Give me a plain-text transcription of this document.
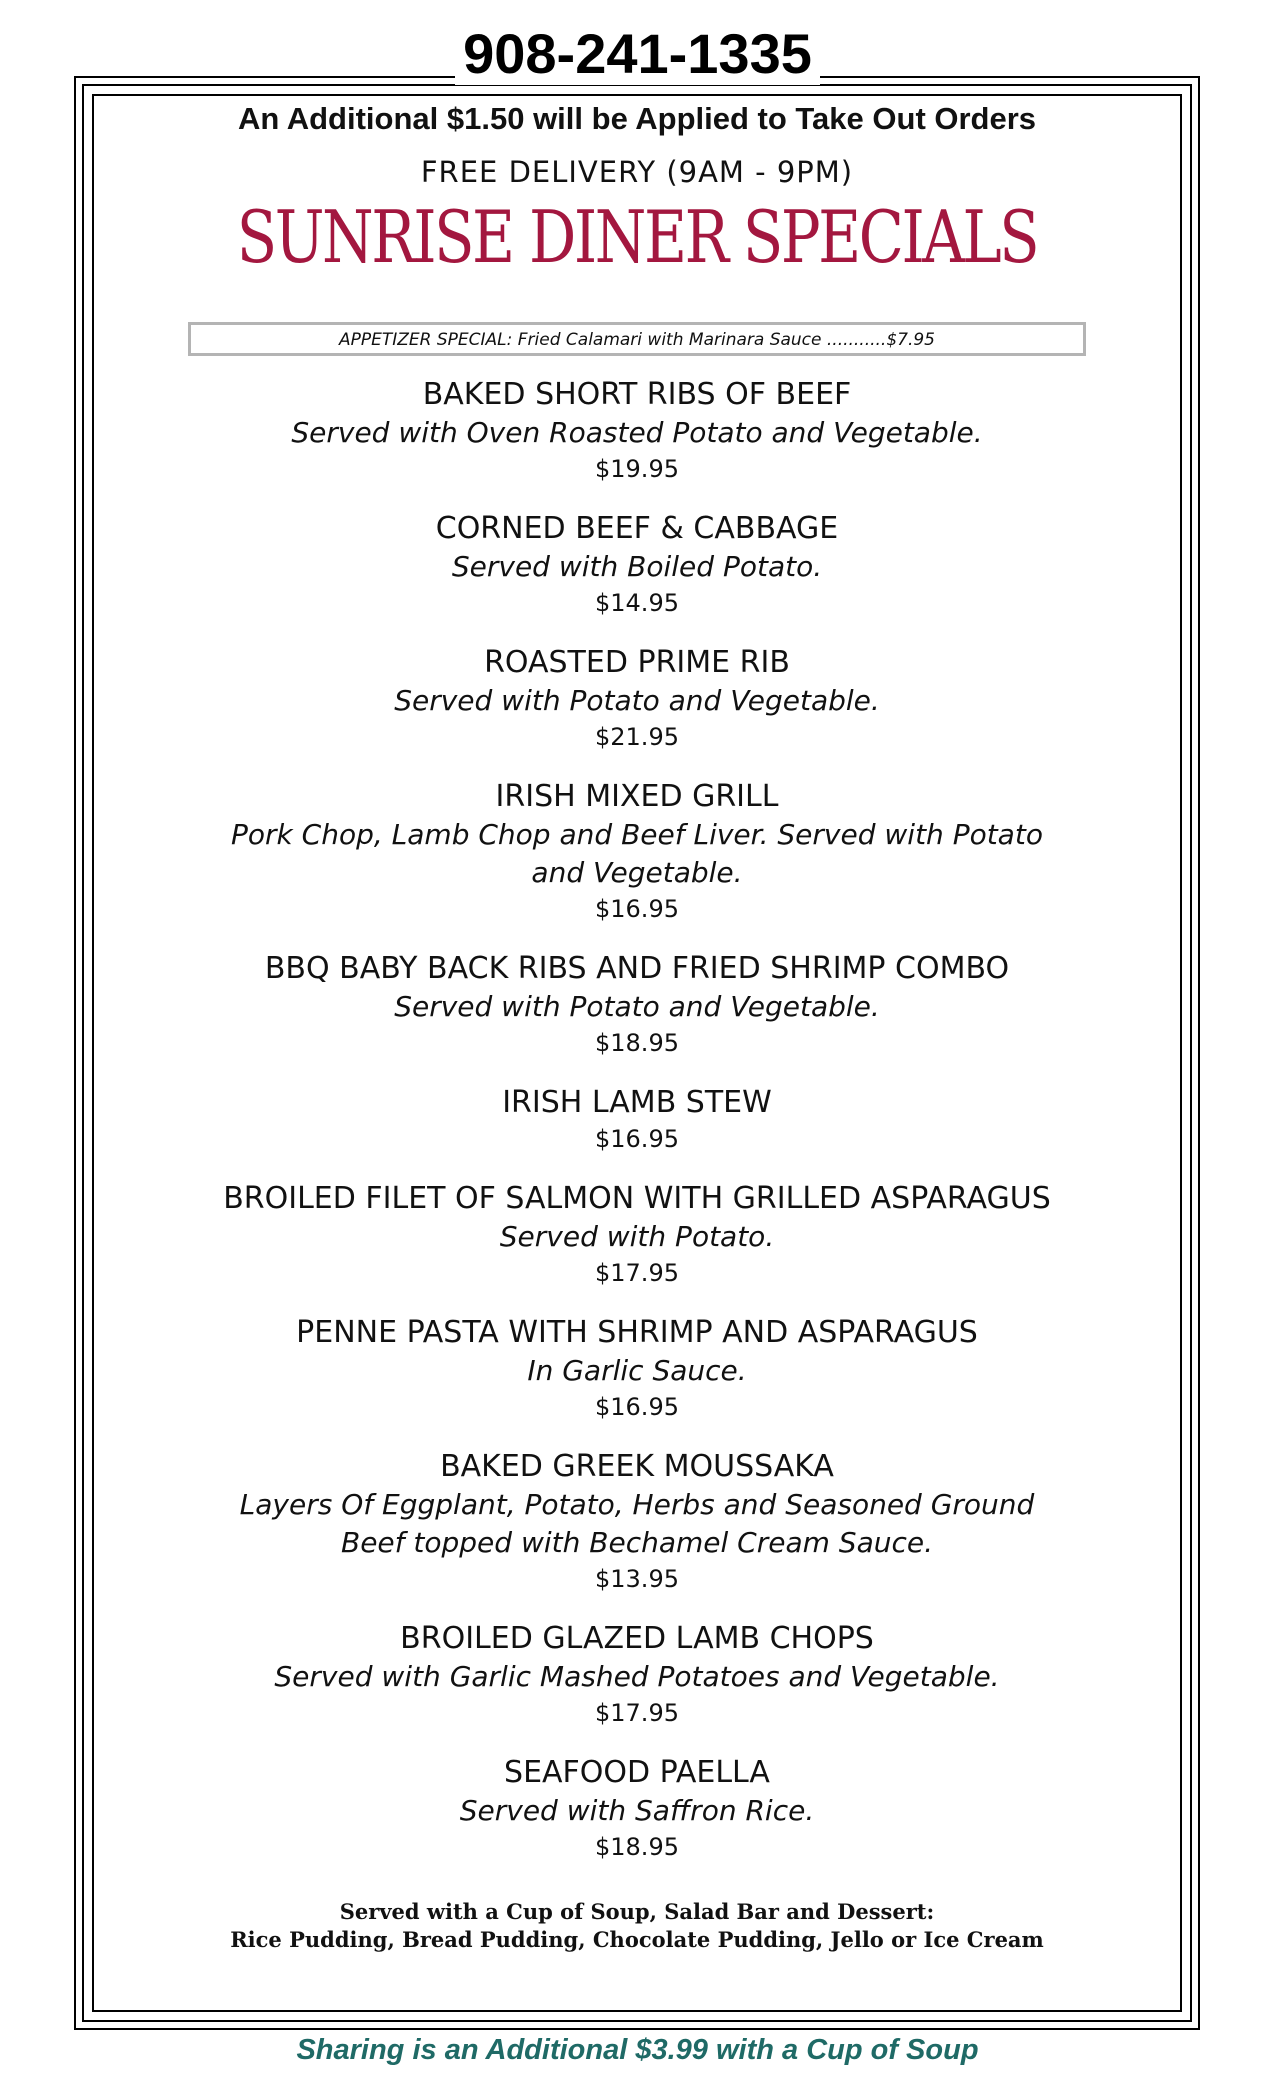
908-241-1335
An Additional $1.50 will be Applied to Take Out Orders
FREE DELIVERY (9AM - 9PM)
SUNRISE DINER SPECIALS
APPETIZER SPECIAL: Fried Calamari with Marinara Sauce ...........$7.95
BAKED SHORT RIBS OF BEEF
Served with Oven Roasted Potato and Vegetable.
$19.95
CORNED BEEF & CABBAGE
Served with Boiled Potato.
$14.95
ROASTED PRIME RIB
Served with Potato and Vegetable.
$21.95
IRISH MIXED GRILL
Pork Chop, Lamb Chop and Beef Liver. Served with Potato and Vegetable.
$16.95
BBQ BABY BACK RIBS AND FRIED SHRIMP COMBO
Served with Potato and Vegetable.
$18.95
IRISH LAMB STEW
$16.95
BROILED FILET OF SALMON WITH GRILLED ASPARAGUS
Served with Potato.
$17.95
PENNE PASTA WITH SHRIMP AND ASPARAGUS
In Garlic Sauce.
$16.95
BAKED GREEK MOUSSAKA
Layers Of Eggplant, Potato, Herbs and Seasoned Ground Beef topped with Bechamel Cream Sauce.
$13.95
BROILED GLAZED LAMB CHOPS
Served with Garlic Mashed Potatoes and Vegetable.
$17.95
SEAFOOD PAELLA
Served with Saffron Rice.
$18.95
Served with a Cup of Soup, Salad Bar and Dessert:
Rice Pudding, Bread Pudding, Chocolate Pudding, Jello or Ice Cream
Sharing is an Additional $3.99 with a Cup of Soup
